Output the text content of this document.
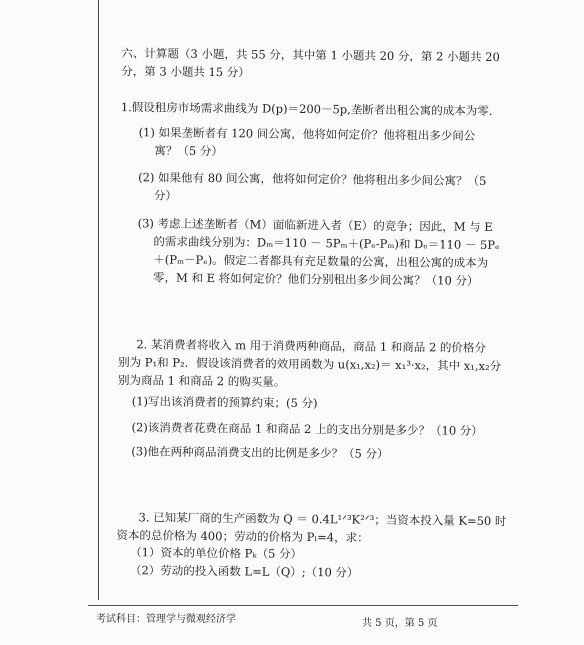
六、计算题（3 小题，共 55 分，其中第 1 小题共 20 分，第 2 小题共 20
分，第 3 小题共 15 分）
1.假设租房市场需求曲线为 D(p)＝200－5p,垄断者出租公寓的成本为零.
(1) 如果垄断者有 120 间公寓，他将如何定价？他将租出多少间公
寓？（5 分）
(2) 如果他有 80 间公寓，他将如何定价？他将租出多少间公寓？（5
分）
(3) 考虑上述垄断者（M）面临新进入者（E）的竞争；因此，M 与 E
的需求曲线分别为：Dₘ＝110 － 5Pₘ＋(Pₑ-Pₘ)和 Dₑ＝110 － 5Pₑ
＋(Pₘ－Pₑ)。假定二者都具有充足数量的公寓，出租公寓的成本为
零，M 和 E 将如何定价？他们分别租出多少间公寓？（10 分）
2. 某消费者将收入 m 用于消费两种商品，商品 1 和商品 2 的价格分
别为 P₁和 P₂．假设该消费者的效用函数为 u(x₁,x₂)＝ x₁³·x₂，其中 x₁,x₂分
别为商品 1 和商品 2 的购买量。
(1)写出该消费者的预算约束；(5 分)
(2)该消费者花费在商品 1 和商品 2 上的支出分别是多少？（10 分）
(3)他在两种商品消费支出的比例是多少？（5 分）
3. 已知某厂商的生产函数为 Q ＝ 0.4L¹ᐟ³K²ᐟ³；当资本投入量 K=50 时
资本的总价格为 400；劳动的价格为 Pₗ=4，求：
（1）资本的单位价格 Pₖ（5 分）
（2）劳动的投入函数 L=L（Q）;（10 分）
考试科目：管理学与微观经济学	共 5 页，第 5 页
